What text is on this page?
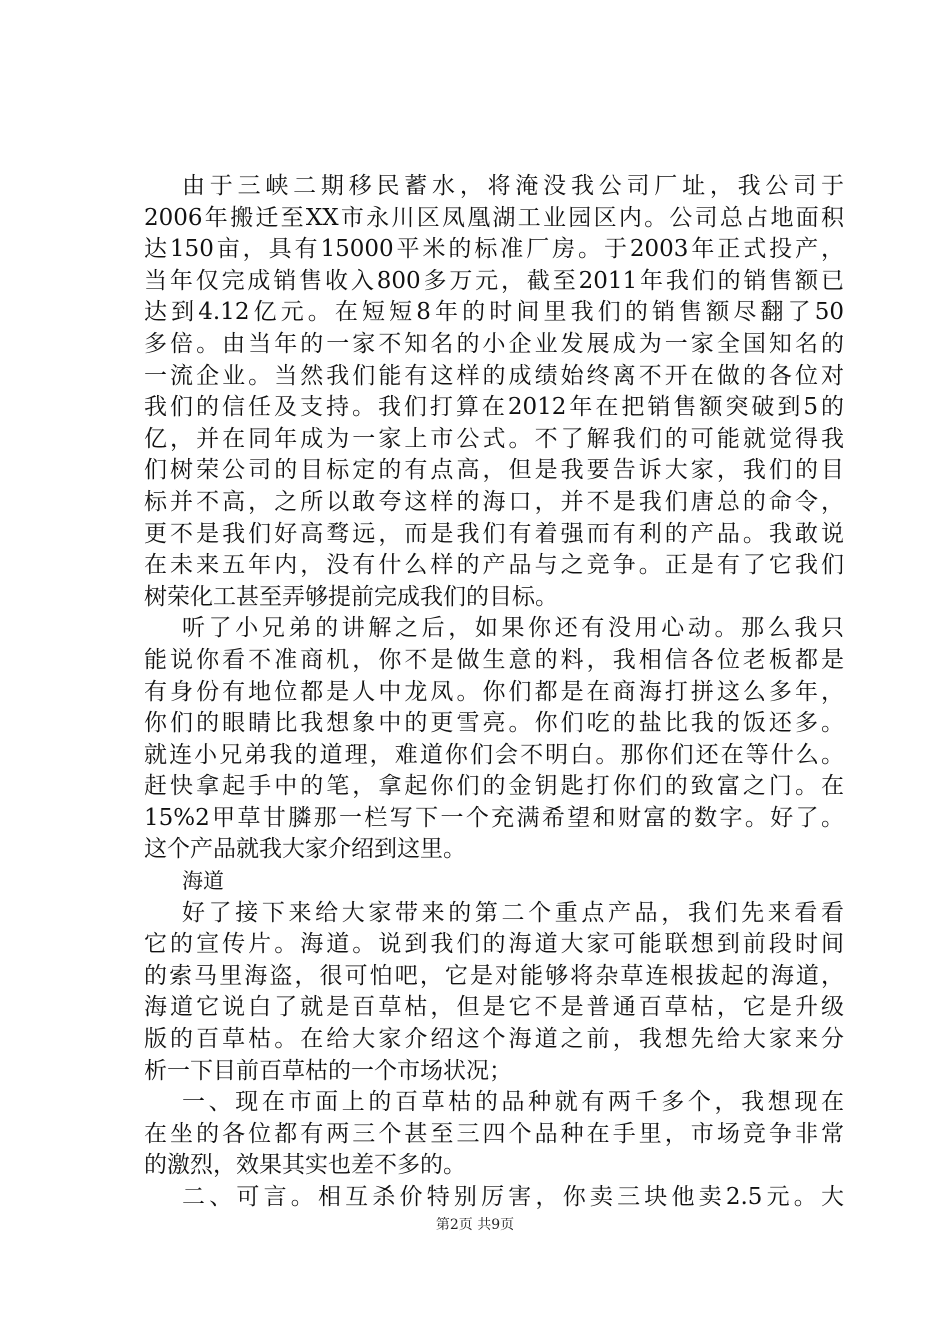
由于三峡二期移民蓄水，将淹没我公司厂址，我公司于
2006年搬迁至XX市永川区凤凰湖工业园区内。公司总占地面积
达150亩，具有15000平米的标准厂房。于2003年正式投产，
当年仅完成销售收入800多万元，截至2011年我们的销售额已
达到4.12亿元。在短短8年的时间里我们的销售额尽翻了50
多倍。由当年的一家不知名的小企业发展成为一家全国知名的
一流企业。当然我们能有这样的成绩始终离不开在做的各位对
我们的信任及支持。我们打算在2012年在把销售额突破到5的
亿，并在同年成为一家上市公式。不了解我们的可能就觉得我
们树荣公司的目标定的有点高，但是我要告诉大家，我们的目
标并不高，之所以敢夸这样的海口，并不是我们唐总的命令，
更不是我们好高骛远，而是我们有着强而有利的产品。我敢说
在未来五年内，没有什么样的产品与之竞争。正是有了它我们
树荣化工甚至弄够提前完成我们的目标。
听了小兄弟的讲解之后，如果你还有没用心动。那么我只
能说你看不准商机，你不是做生意的料，我相信各位老板都是
有身份有地位都是人中龙凤。你们都是在商海打拼这么多年，
你们的眼睛比我想象中的更雪亮。你们吃的盐比我的饭还多。
就连小兄弟我的道理，难道你们会不明白。那你们还在等什么。
赶快拿起手中的笔，拿起你们的金钥匙打你们的致富之门。在
15%2甲草甘膦那一栏写下一个充满希望和财富的数字。好了。
这个产品就我大家介绍到这里。
海道
好了接下来给大家带来的第二个重点产品，我们先来看看
它的宣传片。海道。说到我们的海道大家可能联想到前段时间
的索马里海盗，很可怕吧，它是对能够将杂草连根拔起的海道，
海道它说白了就是百草枯，但是它不是普通百草枯，它是升级
版的百草枯。在给大家介绍这个海道之前，我想先给大家来分
析一下目前百草枯的一个市场状况；
一、现在市面上的百草枯的品种就有两千多个，我想现在
在坐的各位都有两三个甚至三四个品种在手里，市场竞争非常
的激烈，效果其实也差不多的。
二、可言。相互杀价特别厉害，你卖三块他卖2.5元。大
第2页 共9页
